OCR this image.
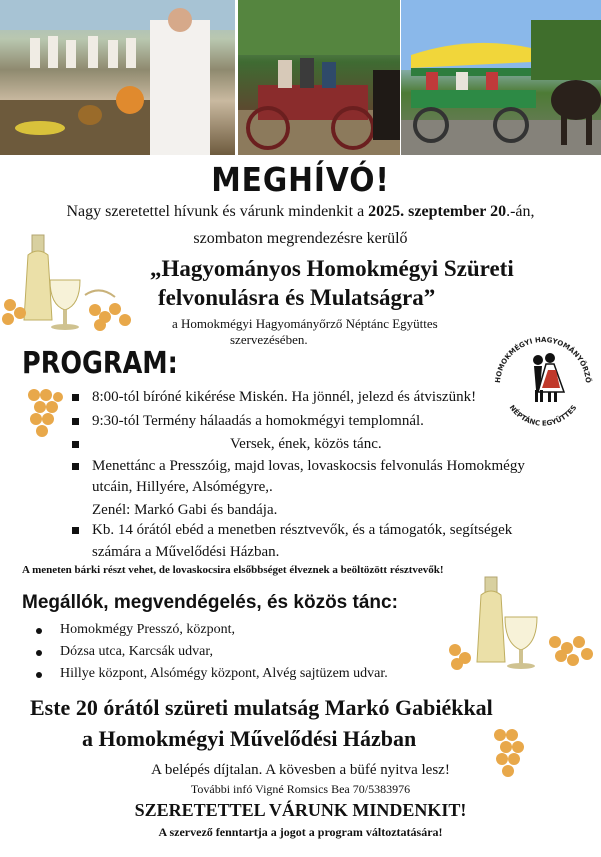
MEGHÍVÓ!
Nagy szeretettel hívunk és várunk mindenkit a 2025. szeptember 20.-án,
szombaton megrendezésre kerülő
„Hagyományos Homokmégyi Szüreti
felvonulásra és Mulatságra”
a Homokmégyi Hagyományőrző Néptánc Együttes
szervezésében.
HOMOKMÉGYI HAGYOMÁNYŐRZŐ
NÉPTÁNC EGYÜTTES
PROGRAM:
8:00-tól bíróné kikérése Miskén. Ha jönnél, jelezd és átviszünk!
9:30-tól Termény hálaadás a homokmégyi templomnál.
Versek, ének, közös tánc.
Menettánc a Presszóig, majd lovas, lovaskocsis felvonulás Homokmégy
utcáin, Hillyére, Alsómégyre,.
Zenél: Markó Gabi és bandája.
Kb. 14 órától ebéd a menetben résztvevők, és a támogatók, segítségek
számára a Művelődési Házban.
A meneten bárki részt vehet, de lovaskocsira elsőbbséget élveznek a beöltözött résztvevők!
Megállók, megvendégelés, és közös tánc:
Homokmégy Presszó, központ,
Dózsa utca, Karcsák udvar,
Hillye központ, Alsómégy központ, Alvég sajtüzem udvar.
Este 20 órától szüreti mulatság Markó Gabiékkal
a Homokmégyi Művelődési Házban
A belépés díjtalan. A kövesben a büfé nyitva lesz!
További infó Vigné Romsics Bea 70/5383976
SZERETETTEL VÁRUNK MINDENKIT!
A szervező fenntartja a jogot a program változtatására!
